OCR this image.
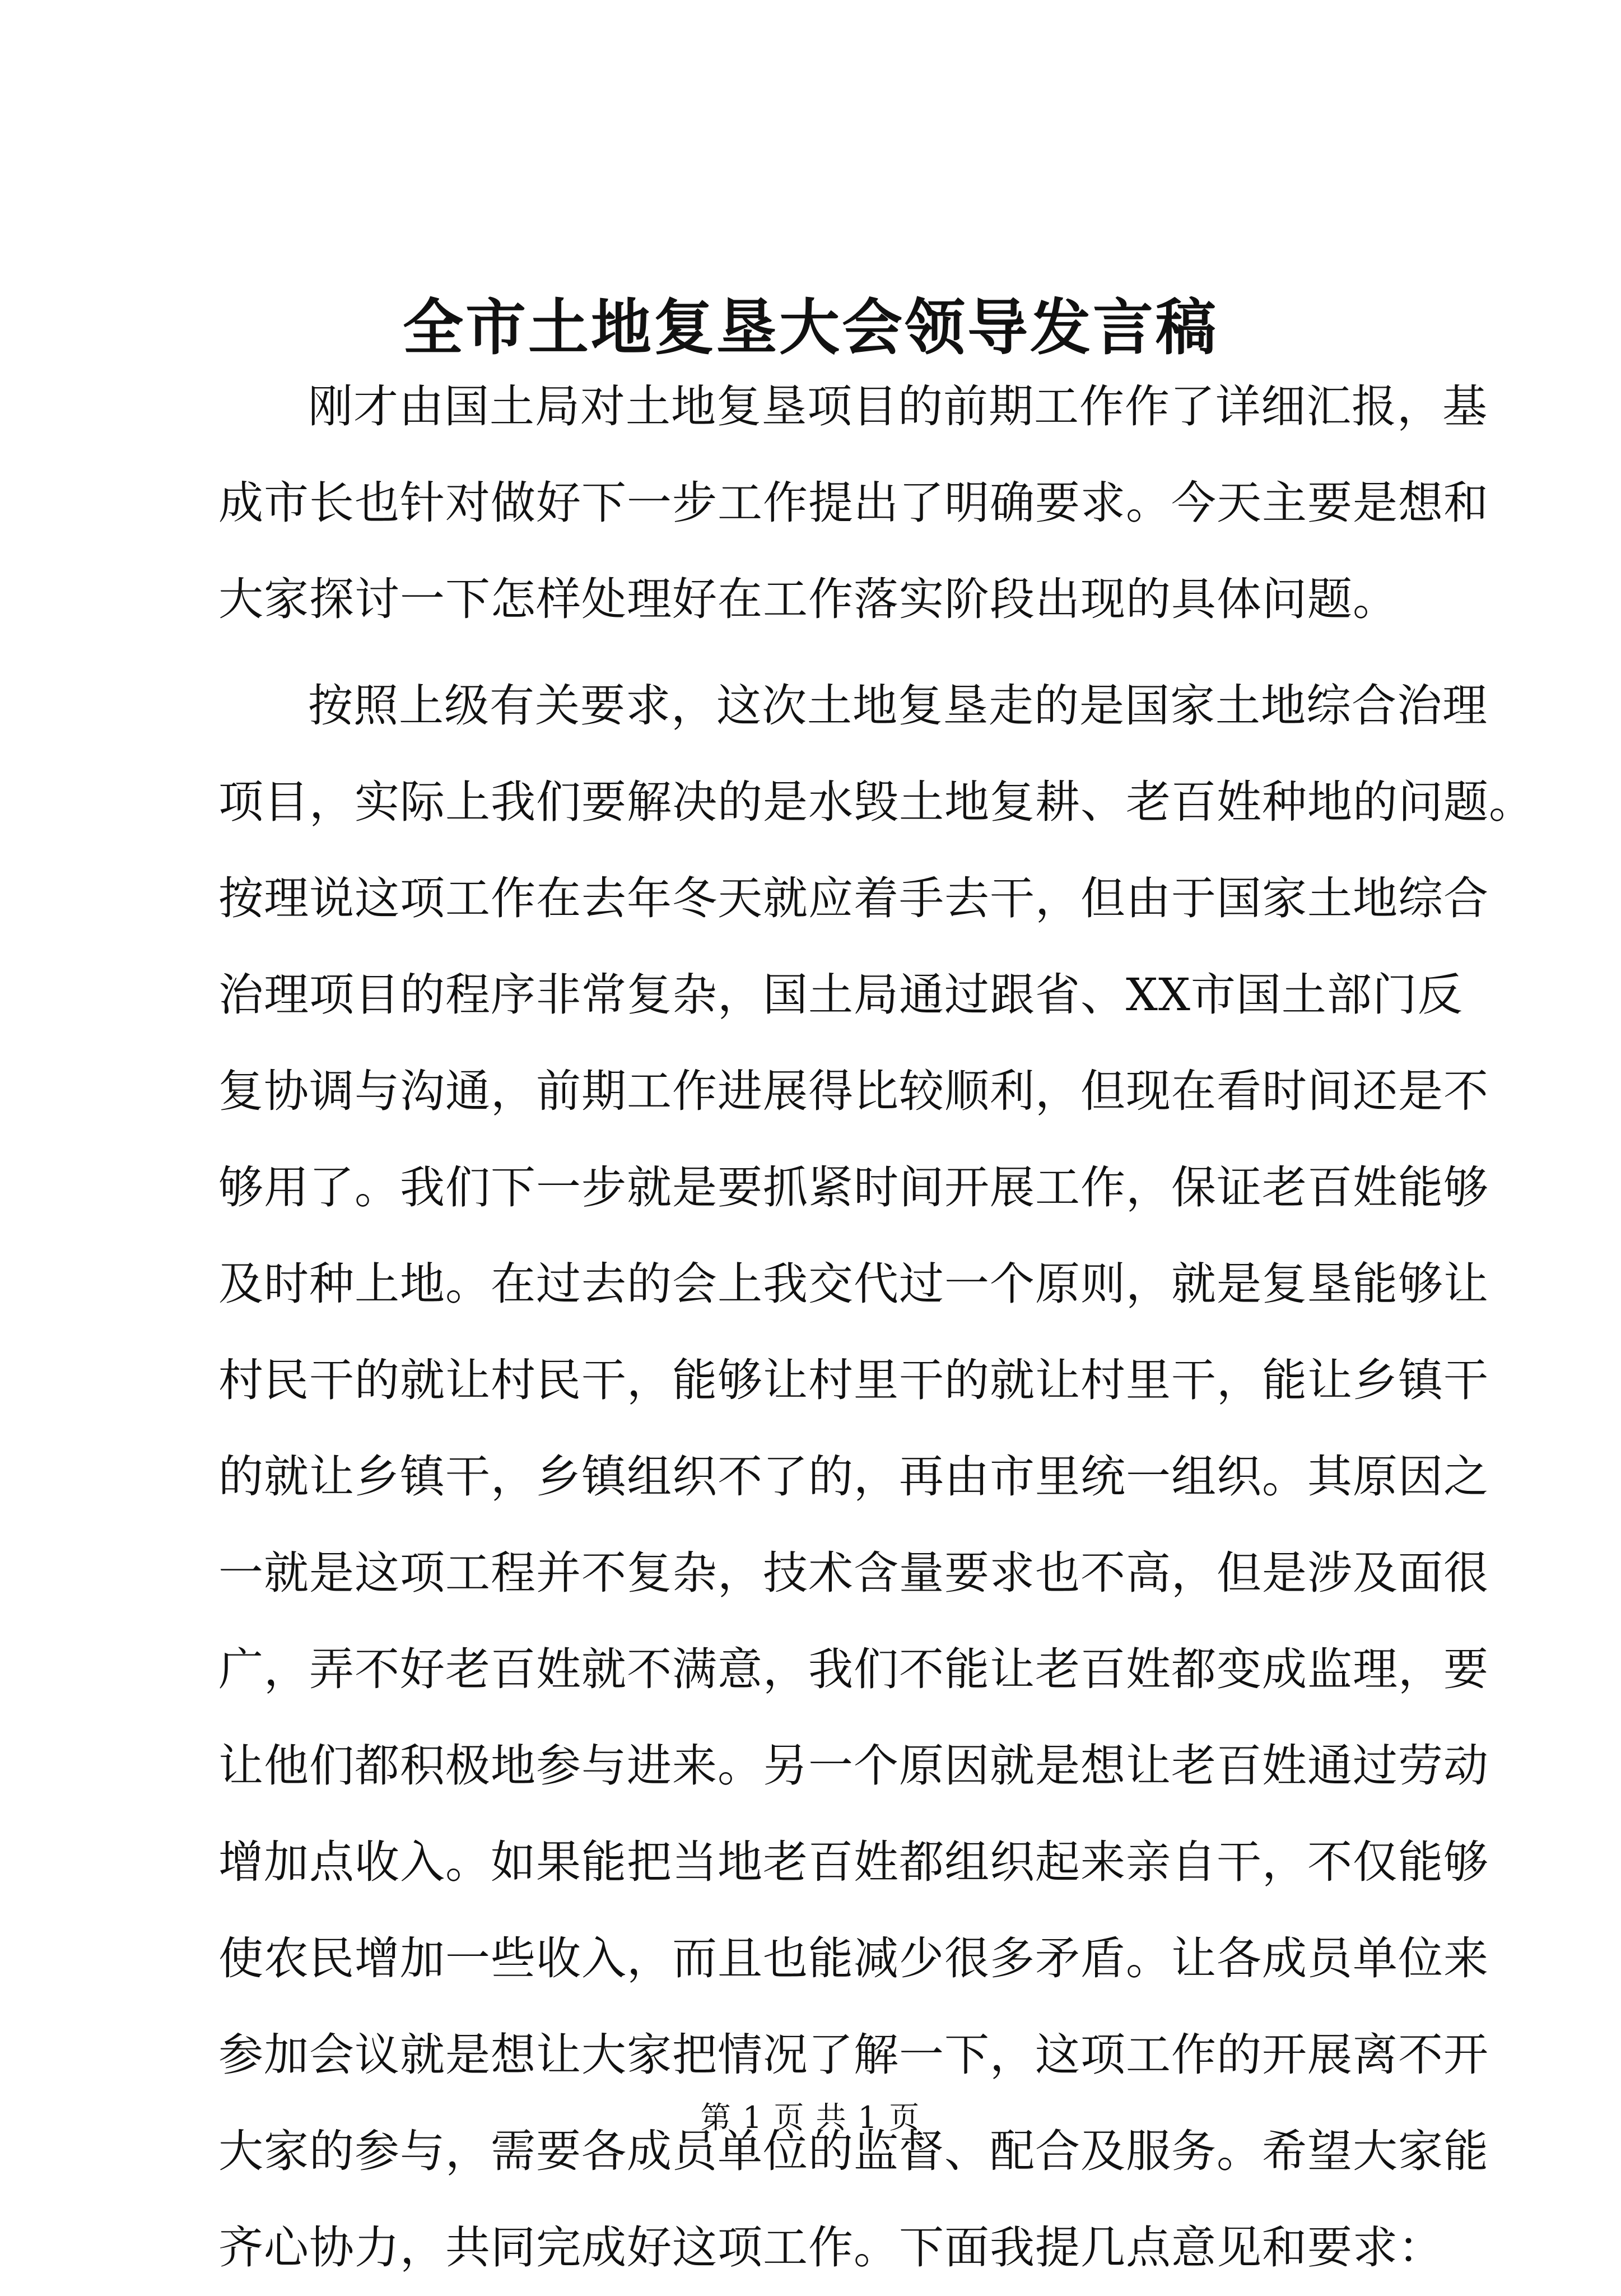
全市土地复垦大会领导发言稿
刚才由国土局对土地复垦项目的前期工作作了详细汇报，基
成市长也针对做好下一步工作提出了明确要求。今天主要是想和
大家探讨一下怎样处理好在工作落实阶段出现的具体问题。
按照上级有关要求，这次土地复垦走的是国家土地综合治理
项目，实际上我们要解决的是水毁土地复耕、老百姓种地的问题。
按理说这项工作在去年冬天就应着手去干，但由于国家土地综合
治理项目的程序非常复杂，国土局通过跟省、XX市国土部门反
复协调与沟通，前期工作进展得比较顺利，但现在看时间还是不
够用了。我们下一步就是要抓紧时间开展工作，保证老百姓能够
及时种上地。在过去的会上我交代过一个原则，就是复垦能够让
村民干的就让村民干，能够让村里干的就让村里干，能让乡镇干
的就让乡镇干，乡镇组织不了的，再由市里统一组织。其原因之
一就是这项工程并不复杂，技术含量要求也不高，但是涉及面很
广，弄不好老百姓就不满意，我们不能让老百姓都变成监理，要
让他们都积极地参与进来。另一个原因就是想让老百姓通过劳动
增加点收入。如果能把当地老百姓都组织起来亲自干，不仅能够
使农民增加一些收入，而且也能减少很多矛盾。让各成员单位来
参加会议就是想让大家把情况了解一下，这项工作的开展离不开
大家的参与，需要各成员单位的监督、配合及服务。希望大家能
齐心协力，共同完成好这项工作。下面我提几点意见和要求：
第 1 页 共 1 页
